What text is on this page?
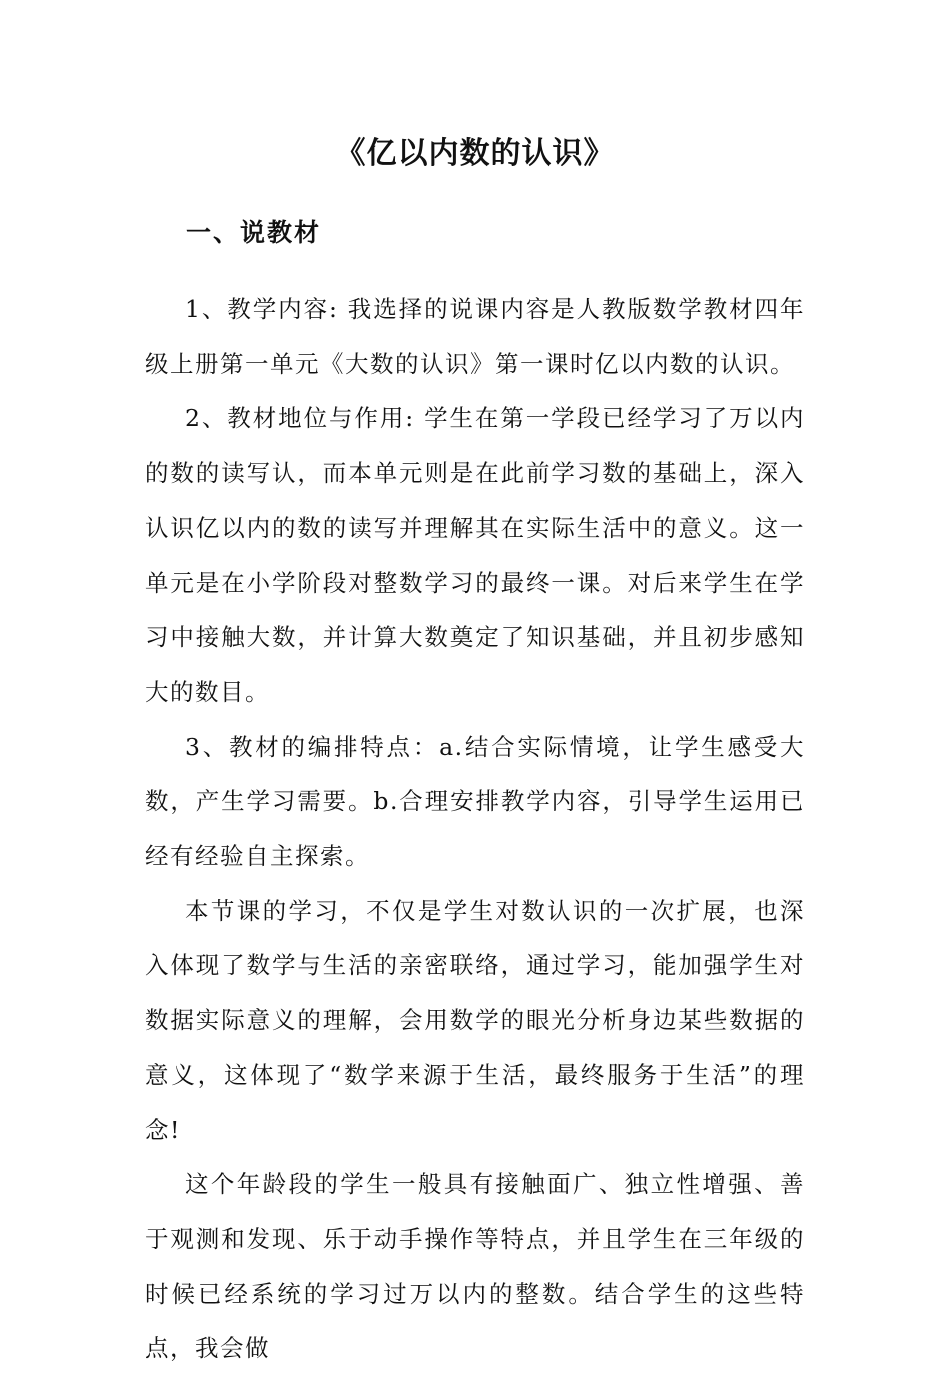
《亿以内数的认识》
一、说教材

1、教学内容: 我选择的说课内容是人教版数学教材四年级上册第一单元《大数的认识》第一课时亿以内数的认识。

2、教材地位与作用: 学生在第一学段已经学习了万以内的数的读写认，而本单元则是在此前学习数的基础上，深入认识亿以内的数的读写并理解其在实际生活中的意义。这一单元是在小学阶段对整数学习的最终一课。对后来学生在学习中接触大数，并计算大数奠定了知识基础，并且初步感知大的数目。

3、教材的编排特点：a.结合实际情境，让学生感受大数，产生学习需要。b.合理安排教学内容，引导学生运用已经有经验自主探索。

本节课的学习，不仅是学生对数认识的一次扩展，也深入体现了数学与生活的亲密联络，通过学习，能加强学生对数据实际意义的理解，会用数学的眼光分析身边某些数据的意义，这体现了“数学来源于生活，最终服务于生活”的理念!

这个年龄段的学生一般具有接触面广、独立性增强、善于观测和发现、乐于动手操作等特点，并且学生在三年级的时候已经系统的学习过万以内的整数。结合学生的这些特点，我会做
